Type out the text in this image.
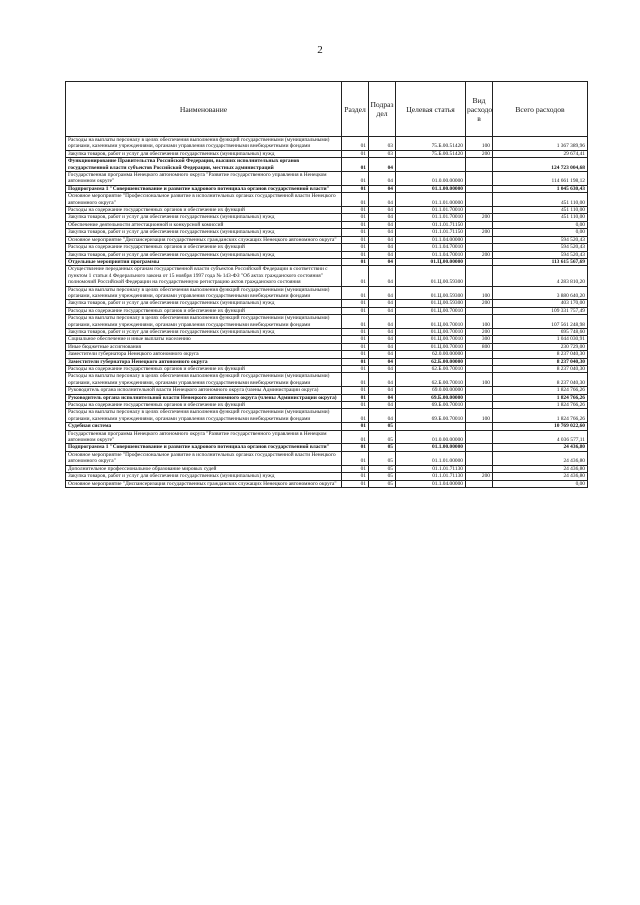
2
Наименование	Раздел	Подраз дел	Целевая статья	Вид расходо в	Всего расходов
Расходы на выплаты персоналу в целях обеспечения выполнения функций государственными (муниципальными) органами, казенными учреждениями, органами управления государственными внебюджетными фондами	01	03	75.Б.00.51420	100	1 367 389,96
Закупка товаров, работ и услуг для обеспечения государственных (муниципальных) нужд	01	03	75.Б.00.51420	200	29 674,41
Функционирование Правительства Российской Федерации, высших исполнительных органов государственной власти субъектов Российской Федерации, местных администраций	01	04			124 723 004,68
Государственная программа Ненецкого автономного округа "Развитие государственного управления в Ненецком автономном округе"	01	04	01.0.00.00000		114 661 198,12
Подпрограмма 1 "Совершенствование и развитие кадрового потенциала органов государственной власти"	01	04	01.1.00.00000		1 045 630,43
Основное мероприятие "Профессиональное развитие в исполнительных органах государственной власти Ненецкого автономного округа"	01	04	01.1.01.00000		451 110,00
Расходы на содержание государственных органов и обеспечение их функций	01	04	01.1.01.70010		451 110,00
Закупка товаров, работ и услуг для обеспечения государственных (муниципальных) нужд	01	04	01.1.01.70010	200	451 110,00
Обеспечение деятельности аттестационной и конкурсной комиссий	01	04	01.1.01.71150		0,00
Закупка товаров, работ и услуг для обеспечения государственных (муниципальных) нужд	01	04	01.1.01.71150	200	0,00
Основное мероприятие "Диспансеризация государственных гражданских служащих Ненецкого автономного округа"	01	04	01.1.04.00000		594 520,43
Расходы на содержание государственных органов и обеспечение их функций	01	04	01.1.04.70010		594 520,43
Закупка товаров, работ и услуг для обеспечения государственных (муниципальных) нужд	01	04	01.1.04.70010	200	594 520,43
Отдельные мероприятия программы	01	04	01.Ц.00.00000		113 615 567,69
Осуществление переданных органам государственной власти субъектов Российской Федерации в соответствии с пунктом 1 статьи 4 Федерального закона от 15 ноября 1997 года № 143-ФЗ "Об актах гражданского состояния" полномочий Российской Федерации на государственную регистрацию актов гражданского состояния	01	04	01.Ц.00.59300		4 283 810,20
Расходы на выплаты персоналу в целях обеспечения выполнения функций государственными (муниципальными) органами, казенными учреждениями, органами управления государственными внебюджетными фондами	01	04	01.Ц.00.59300	100	3 880 640,20
Закупка товаров, работ и услуг для обеспечения государственных (муниципальных) нужд	01	04	01.Ц.00.59300	200	403 170,00
Расходы на содержание государственных органов и обеспечение их функций	01	04	01.Ц.00.70010		109 331 757,49
Расходы на выплаты персоналу в целях обеспечения выполнения функций государственными (муниципальными) органами, казенными учреждениями, органами управления государственными внебюджетными фондами	01	04	01.Ц.00.70010	100	107 561 248,98
Закупка товаров, работ и услуг для обеспечения государственных (муниципальных) нужд	01	04	01.Ц.00.70010	200	695 748,60
Социальное обеспечение и иные выплаты населению	01	04	01.Ц.00.70010	300	1 044 030,91
Иные бюджетные ассигнования	01	04	01.Ц.00.70010	800	230 729,00
Заместители губернатора Ненецкого автономного округа	01	04	62.0.00.00000		8 237 040,30
Заместители губернатора Ненецкого автономного округа	01	04	62.Б.00.00000		8 237 040,30
Расходы на содержание государственных органов и обеспечение их функций	01	04	62.Б.00.70010		8 237 040,30
Расходы на выплаты персоналу в целях обеспечения выполнения функций государственными (муниципальными) органами, казенными учреждениями, органами управления государственными внебюджетными фондами	01	04	62.Б.00.70010	100	8 237 040,30
Руководитель органа исполнительной власти Ненецкого автономного округа (члены Администрации округа)	01	04	69.0.00.00000		1 824 766,26
Руководитель органа исполнительной власти Ненецкого автономного округа (члены Администрации округа)	01	04	69.Б.00.00000		1 824 766,26
Расходы на содержание государственных органов и обеспечение их функций	01	04	69.Б.00.70010		1 824 766,26
Расходы на выплаты персоналу в целях обеспечения выполнения функций государственными (муниципальными) органами, казенными учреждениями, органами управления государственными внебюджетными фондами	01	04	69.Б.00.70010	100	1 824 766,26
Судебная система	01	05			10 769 022,60
Государственная программа Ненецкого автономного округа "Развитие государственного управления в Ненецком автономном округе"	01	05	01.0.00.00000		4 036 577,11
Подпрограмма 1 "Совершенствование и развитие кадрового потенциала органов государственной власти"	01	05	01.1.00.00000		24 436,80
Основное мероприятие "Профессиональное развитие в исполнительных органах государственной власти Ненецкого автономного округа"	01	05	01.1.01.00000		24 436,80
Дополнительное профессиональное образование мировых судей	01	05	01.1.01.71130		24 436,80
Закупка товаров, работ и услуг для обеспечения государственных (муниципальных) нужд	01	05	01.1.01.71130	200	24 436,80
Основное мероприятие "Диспансеризация государственных гражданских служащих Ненецкого автономного округа"	01	05	01.1.04.00000		0,00
